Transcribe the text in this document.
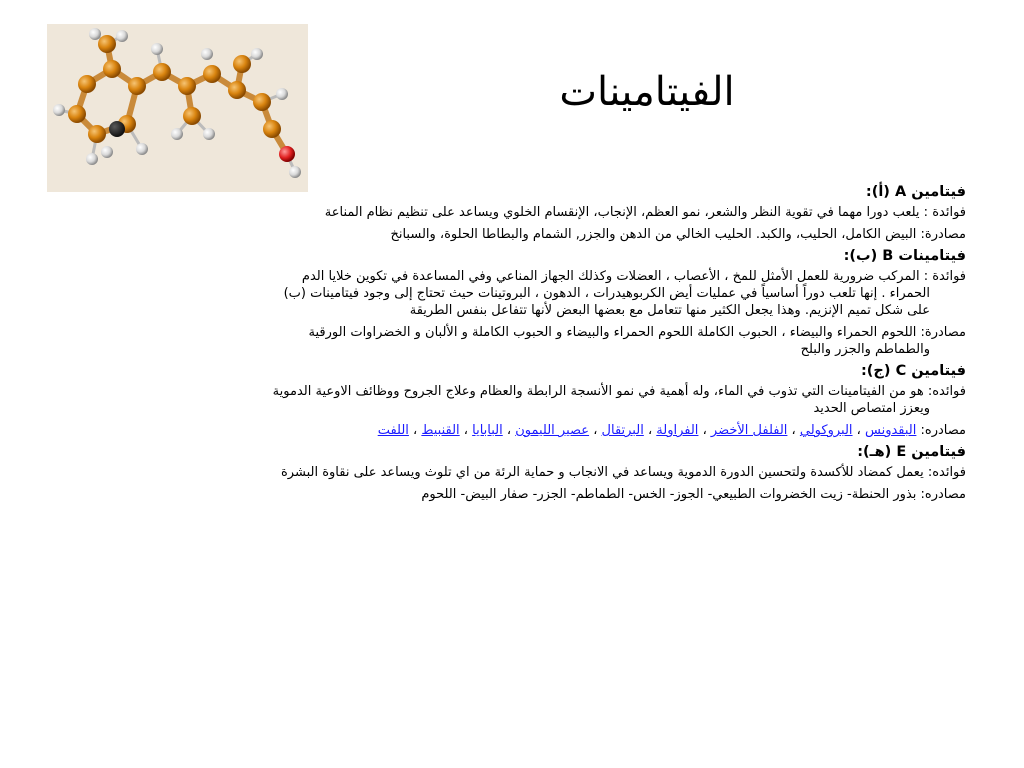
الفيتامينات
فيتامين A (أ):
فوائدة : يلعب دورا مهما في تقوية النظر والشعر، نمو العظم، الإنجاب، الإنقسام الخلوي ويساعد على تنظيم نظام المناعة
مصادرة: البيض الكامل، الحليب، والكبد. الحليب الخالي من الدهن والجزر, الشمام والبطاطا الحلوة، والسبانخ
فيتامينات B (ب):
فوائدة : المركب ضرورية للعمل الأمثل للمخ ، الأعصاب ، العضلات وكذلك الجهاز المناعي وفي المساعدة في تكوين خلايا الدم
الحمراء . إنها تلعب دوراً أساسياً في عمليات أيض الكربوهيدرات ، الدهون ، البروتينات حيث تحتاج إلى وجود فيتامينات (ب)
على شكل تميم الإنزيم. وهذا يجعل الكثير منها تتعامل مع بعضها البعض لأنها تتفاعل بنفس الطريقة
مصادرة: اللحوم الحمراء والبيضاء ، الحبوب الكاملة اللحوم الحمراء والبيضاء و الحبوب الكاملة و الألبان و الخضراوات الورقية
والطماطم والجزر والبلح
فيتامين C (ج):
فوائده: هو من الفيتامينات التي تذوب في الماء، وله أهمية في نمو الأنسجة الرابطة والعظام وعلاج الجروح ووظائف الاوعية الدموية
ويعزز امتصاص الحديد
مصادره: البقدونس ، البروكولي ، الفلفل الأخضر ، الفراولة ، البرتقال ، عصير الليمون ، البابايا ، القنبيط ، اللفت
فيتامين E (هـ):
فوائده: يعمل كمضاد للأكسدة ولتحسين الدورة الدموية ويساعد في الانجاب و حماية الرئة من اي تلوث ويساعد على نقاوة البشرة
مصادره: بذور الحنطة- زيت الخضروات الطبيعي- الجوز- الخس- الطماطم- الجزر- صفار البيض- اللحوم
